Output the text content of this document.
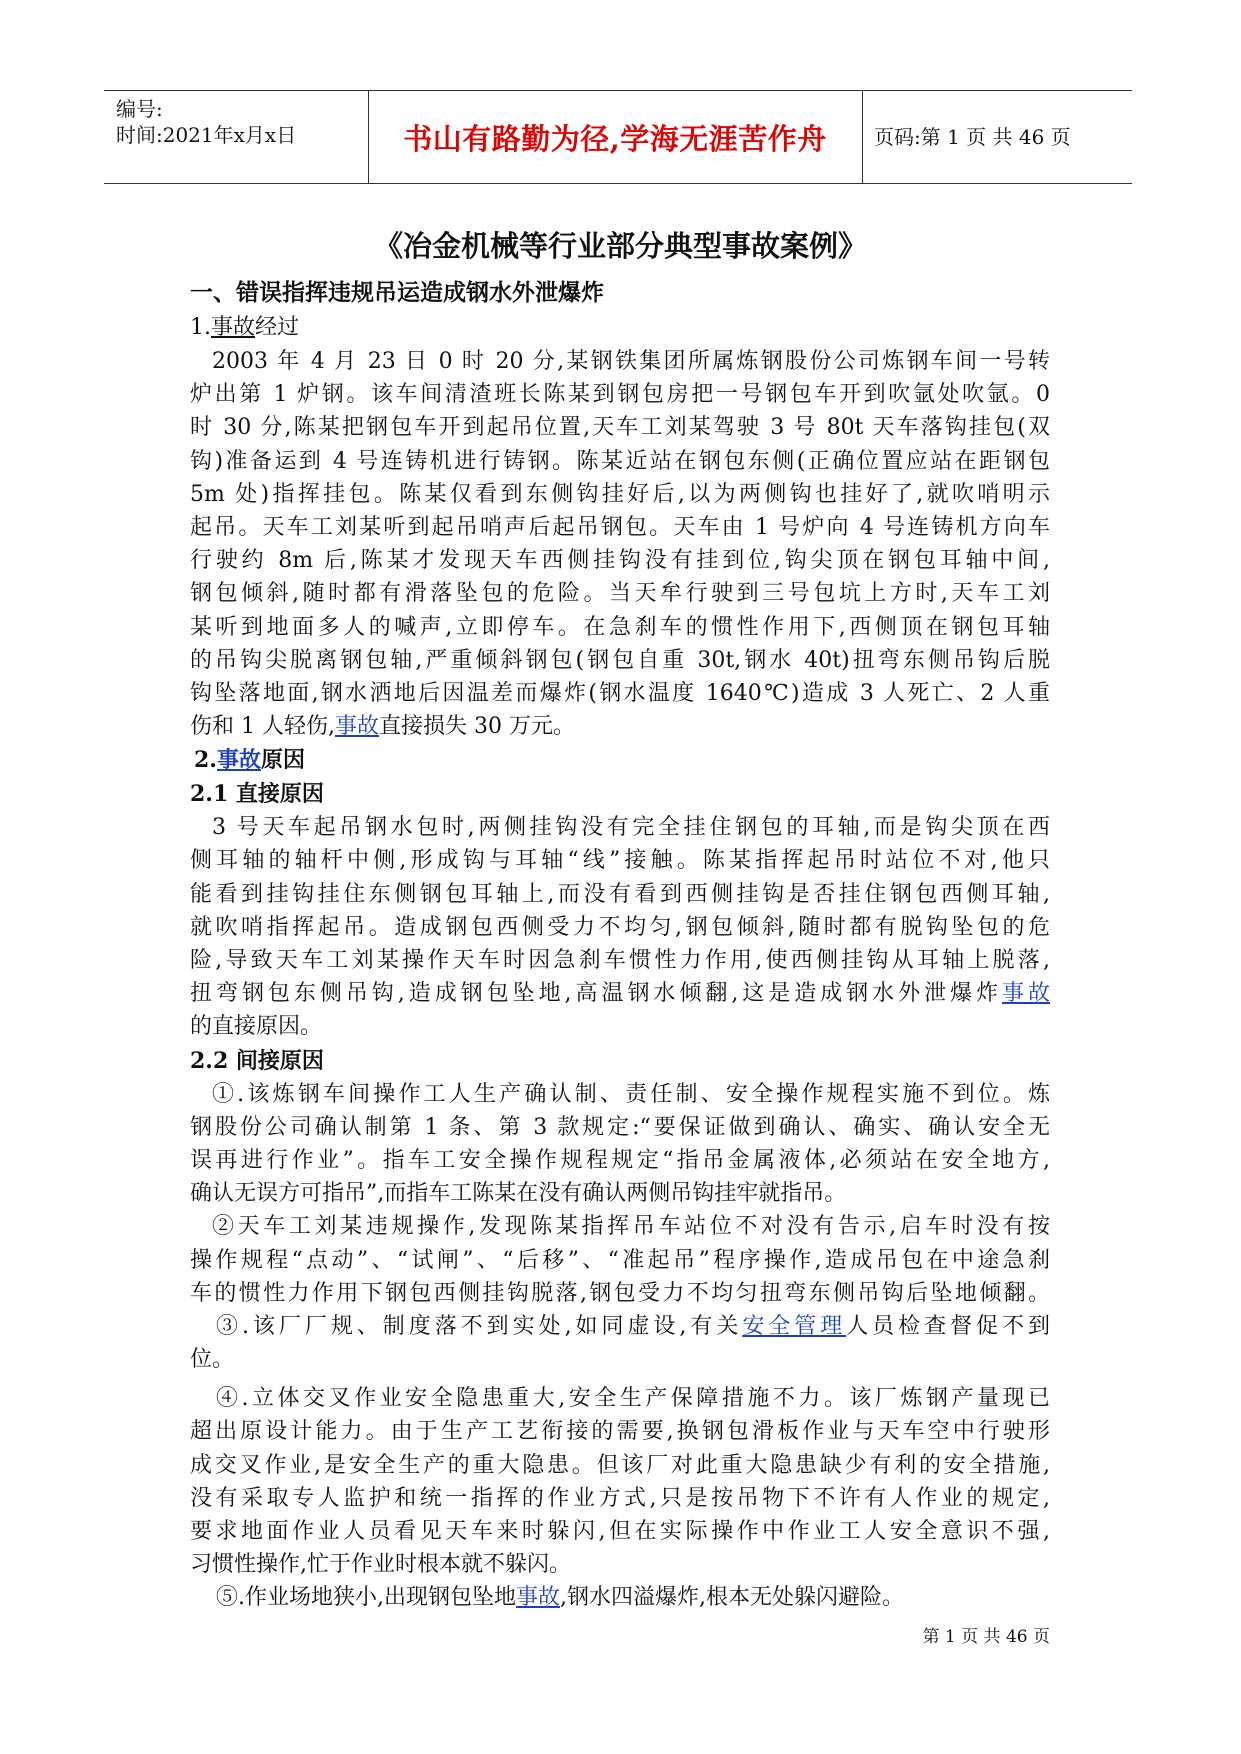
编号:
时间:2021年x月x日	书山有路勤为径,学海无涯苦作舟	页码:第 1 页 共 46 页
《冶金机械等行业部分典型事故案例》
一、错误指挥违规吊运造成钢水外泄爆炸
1.事故经过
2003 年 4 月 23 日 0 时 20 分,某钢铁集团所属炼钢股份公司炼钢车间一号转
炉出第 1 炉钢。该车间清渣班长陈某到钢包房把一号钢包车开到吹氩处吹氩。0
时 30 分,陈某把钢包车开到起吊位置,天车工刘某驾驶 3 号 80t 天车落钩挂包(双
钩)准备运到 4 号连铸机进行铸钢。陈某近站在钢包东侧(正确位置应站在距钢包
5m 处)指挥挂包。陈某仅看到东侧钩挂好后,以为两侧钩也挂好了,就吹哨明示
起吊。天车工刘某听到起吊哨声后起吊钢包。天车由 1 号炉向 4 号连铸机方向车
行驶约 8m 后,陈某才发现天车西侧挂钩没有挂到位,钩尖顶在钢包耳轴中间,
钢包倾斜,随时都有滑落坠包的危险。当天牟行驶到三号包坑上方时,天车工刘
某听到地面多人的喊声,立即停车。在急刹车的惯性作用下,西侧顶在钢包耳轴
的吊钩尖脱离钢包轴,严重倾斜钢包(钢包自重 30t,钢水 40t)扭弯东侧吊钩后脱
钩坠落地面,钢水洒地后因温差而爆炸(钢水温度 1640℃)造成 3 人死亡、2 人重
伤和 1 人轻伤,事故直接损失 30 万元。
2.事故原因
2.1 直接原因
3 号天车起吊钢水包时,两侧挂钩没有完全挂住钢包的耳轴,而是钩尖顶在西
侧耳轴的轴杆中侧,形成钩与耳轴“线”接触。陈某指挥起吊时站位不对,他只
能看到挂钩挂住东侧钢包耳轴上,而没有看到西侧挂钩是否挂住钢包西侧耳轴,
就吹哨指挥起吊。造成钢包西侧受力不均匀,钢包倾斜,随时都有脱钩坠包的危
险,导致天车工刘某操作天车时因急刹车惯性力作用,使西侧挂钩从耳轴上脱落,
扭弯钢包东侧吊钩,造成钢包坠地,高温钢水倾翻,这是造成钢水外泄爆炸事故
的直接原因。
2.2 间接原因
①.该炼钢车间操作工人生产确认制、责任制、安全操作规程实施不到位。炼
钢股份公司确认制第 1 条、第 3 款规定:“要保证做到确认、确实、确认安全无
误再进行作业”。指车工安全操作规程规定“指吊金属液体,必须站在安全地方,
确认无误方可指吊”,而指车工陈某在没有确认两侧吊钩挂牢就指吊。
②天车工刘某违规操作,发现陈某指挥吊车站位不对没有告示,启车时没有按
操作规程“点动”、“试闸”、“后移”、“准起吊”程序操作,造成吊包在中途急刹
车的惯性力作用下钢包西侧挂钩脱落,钢包受力不均匀扭弯东侧吊钩后坠地倾翻。
③.该厂厂规、制度落不到实处,如同虚设,有关安全管理人员检查督促不到
位。
④.立体交叉作业安全隐患重大,安全生产保障措施不力。该厂炼钢产量现已
超出原设计能力。由于生产工艺衔接的需要,换钢包滑板作业与天车空中行驶形
成交叉作业,是安全生产的重大隐患。但该厂对此重大隐患缺少有利的安全措施,
没有采取专人监护和统一指挥的作业方式,只是按吊物下不许有人作业的规定,
要求地面作业人员看见天车来时躲闪,但在实际操作中作业工人安全意识不强,
习惯性操作,忙于作业时根本就不躲闪。
⑤.作业场地狭小,出现钢包坠地事故,钢水四溢爆炸,根本无处躲闪避险。
第 1 页 共 46 页
